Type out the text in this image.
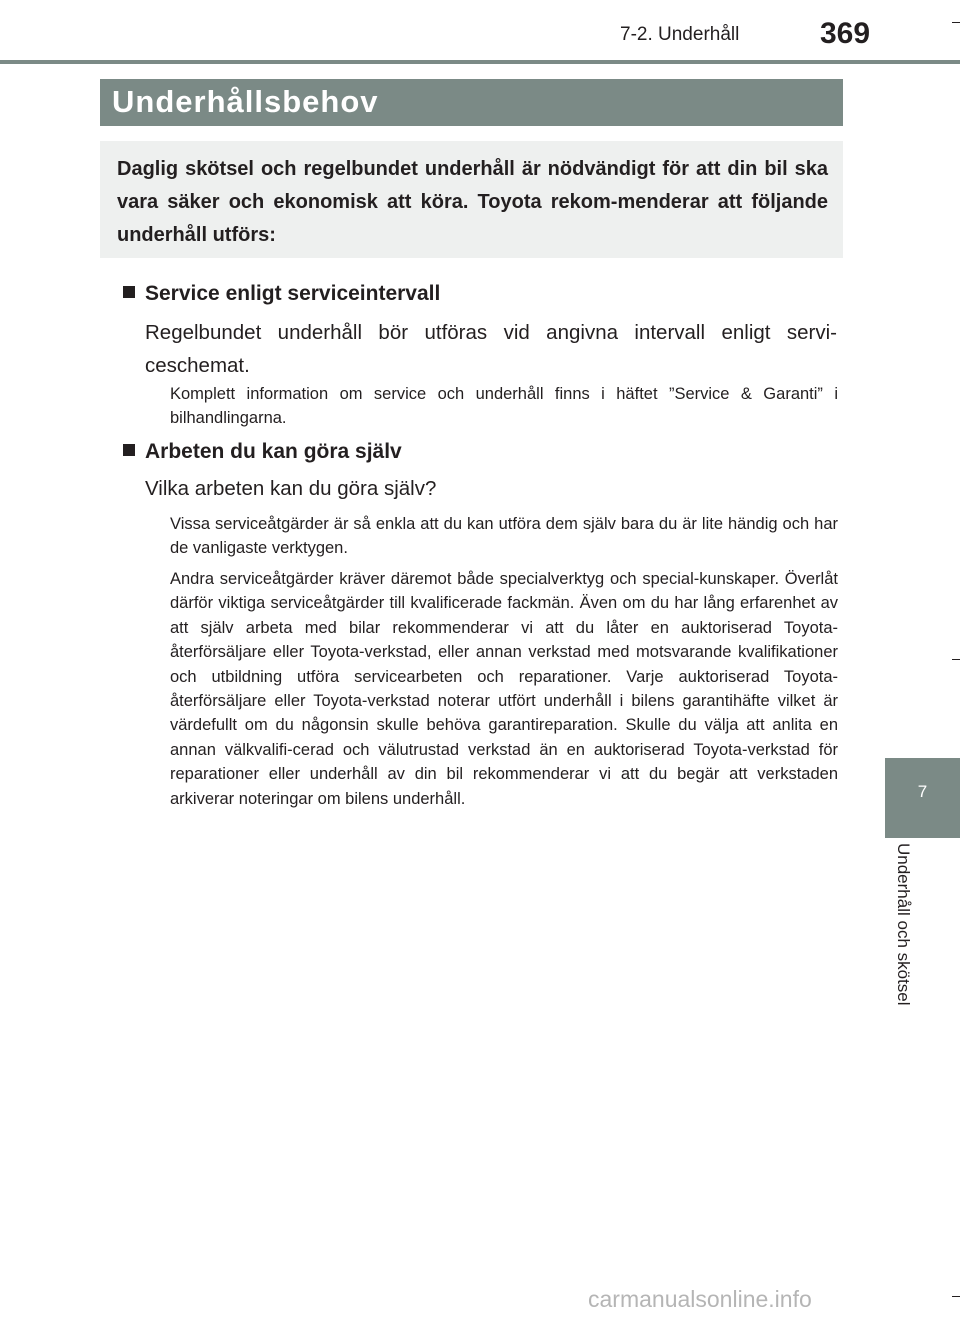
7-2. Underhåll	369
Underhållsbehov

Daglig skötsel och regelbundet underhåll är nödvändigt för att din bil ska vara säker och ekonomisk att köra. Toyota rekom-menderar att följande underhåll utförs:

Service enligt serviceintervall

Regelbundet underhåll bör utföras vid angivna intervall enligt servi-ceschemat.

Komplett information om service och underhåll finns i häftet ”Service & Garanti” i bilhandlingarna.

Arbeten du kan göra själv

Vilka arbeten kan du göra själv?

Vissa serviceåtgärder är så enkla att du kan utföra dem själv bara du är lite händig och har de vanligaste verktygen.

Andra serviceåtgärder kräver däremot både specialverktyg och special-kunskaper. Överlåt därför viktiga serviceåtgärder till kvalificerade fackmän. Även om du har lång erfarenhet av att själv arbeta med bilar rekommenderar vi att du låter en auktoriserad Toyota-återförsäljare eller Toyota-verkstad, eller annan verkstad med motsvarande kvalifikationer och utbildning utföra servicearbeten och reparationer. Varje auktoriserad Toyota-återförsäljare eller Toyota-verkstad noterar utfört underhåll i bilens garantihäfte vilket är värdefullt om du någonsin skulle behöva garantireparation. Skulle du välja att anlita en annan välkvalifi-cerad och välutrustad verkstad än en auktoriserad Toyota-verkstad för reparationer eller underhåll av din bil rekommenderar vi att du begär att verkstaden arkiverar noteringar om bilens underhåll.	7
Underhåll och skötsel
carmanualsonline.info
